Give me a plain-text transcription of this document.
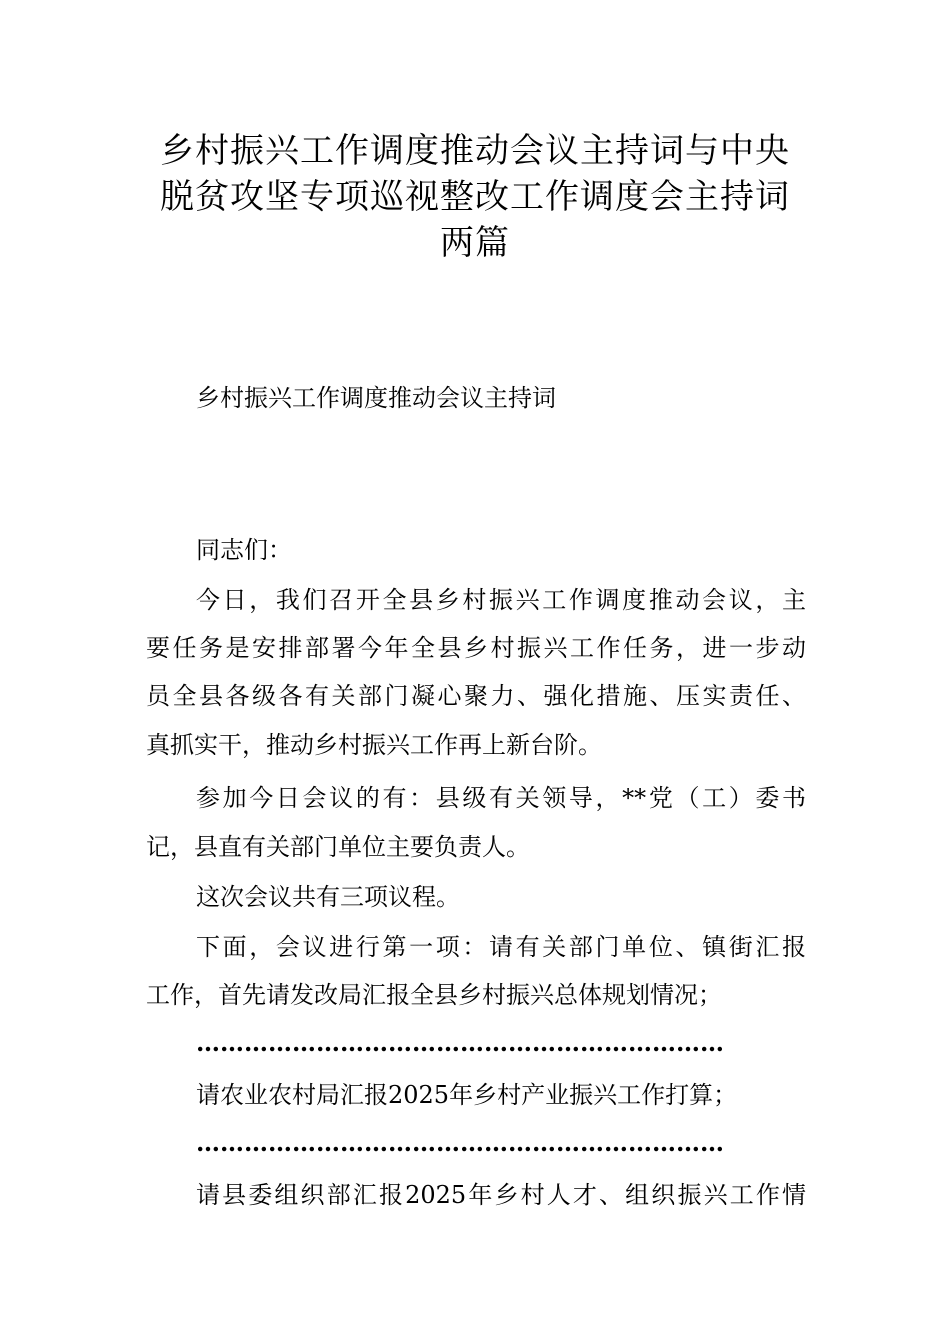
乡村振兴工作调度推动会议主持词与中央
脱贫攻坚专项巡视整改工作调度会主持词
两篇
乡村振兴工作调度推动会议主持词
同志们：
今日，我们召开全县乡村振兴工作调度推动会议，主
要任务是安排部署今年全县乡村振兴工作任务，进一步动
员全县各级各有关部门凝心聚力、强化措施、压实责任、
真抓实干，推动乡村振兴工作再上新台阶。
参加今日会议的有：县级有关领导，**党（工）委书
记，县直有关部门单位主要负责人。
这次会议共有三项议程。
下面，会议进行第一项：请有关部门单位、镇街汇报
工作，首先请发改局汇报全县乡村振兴总体规划情况；
…………………………………………………………
请农业农村局汇报2025年乡村产业振兴工作打算；
…………………………………………………………
请县委组织部汇报2025年乡村人才、组织振兴工作情
